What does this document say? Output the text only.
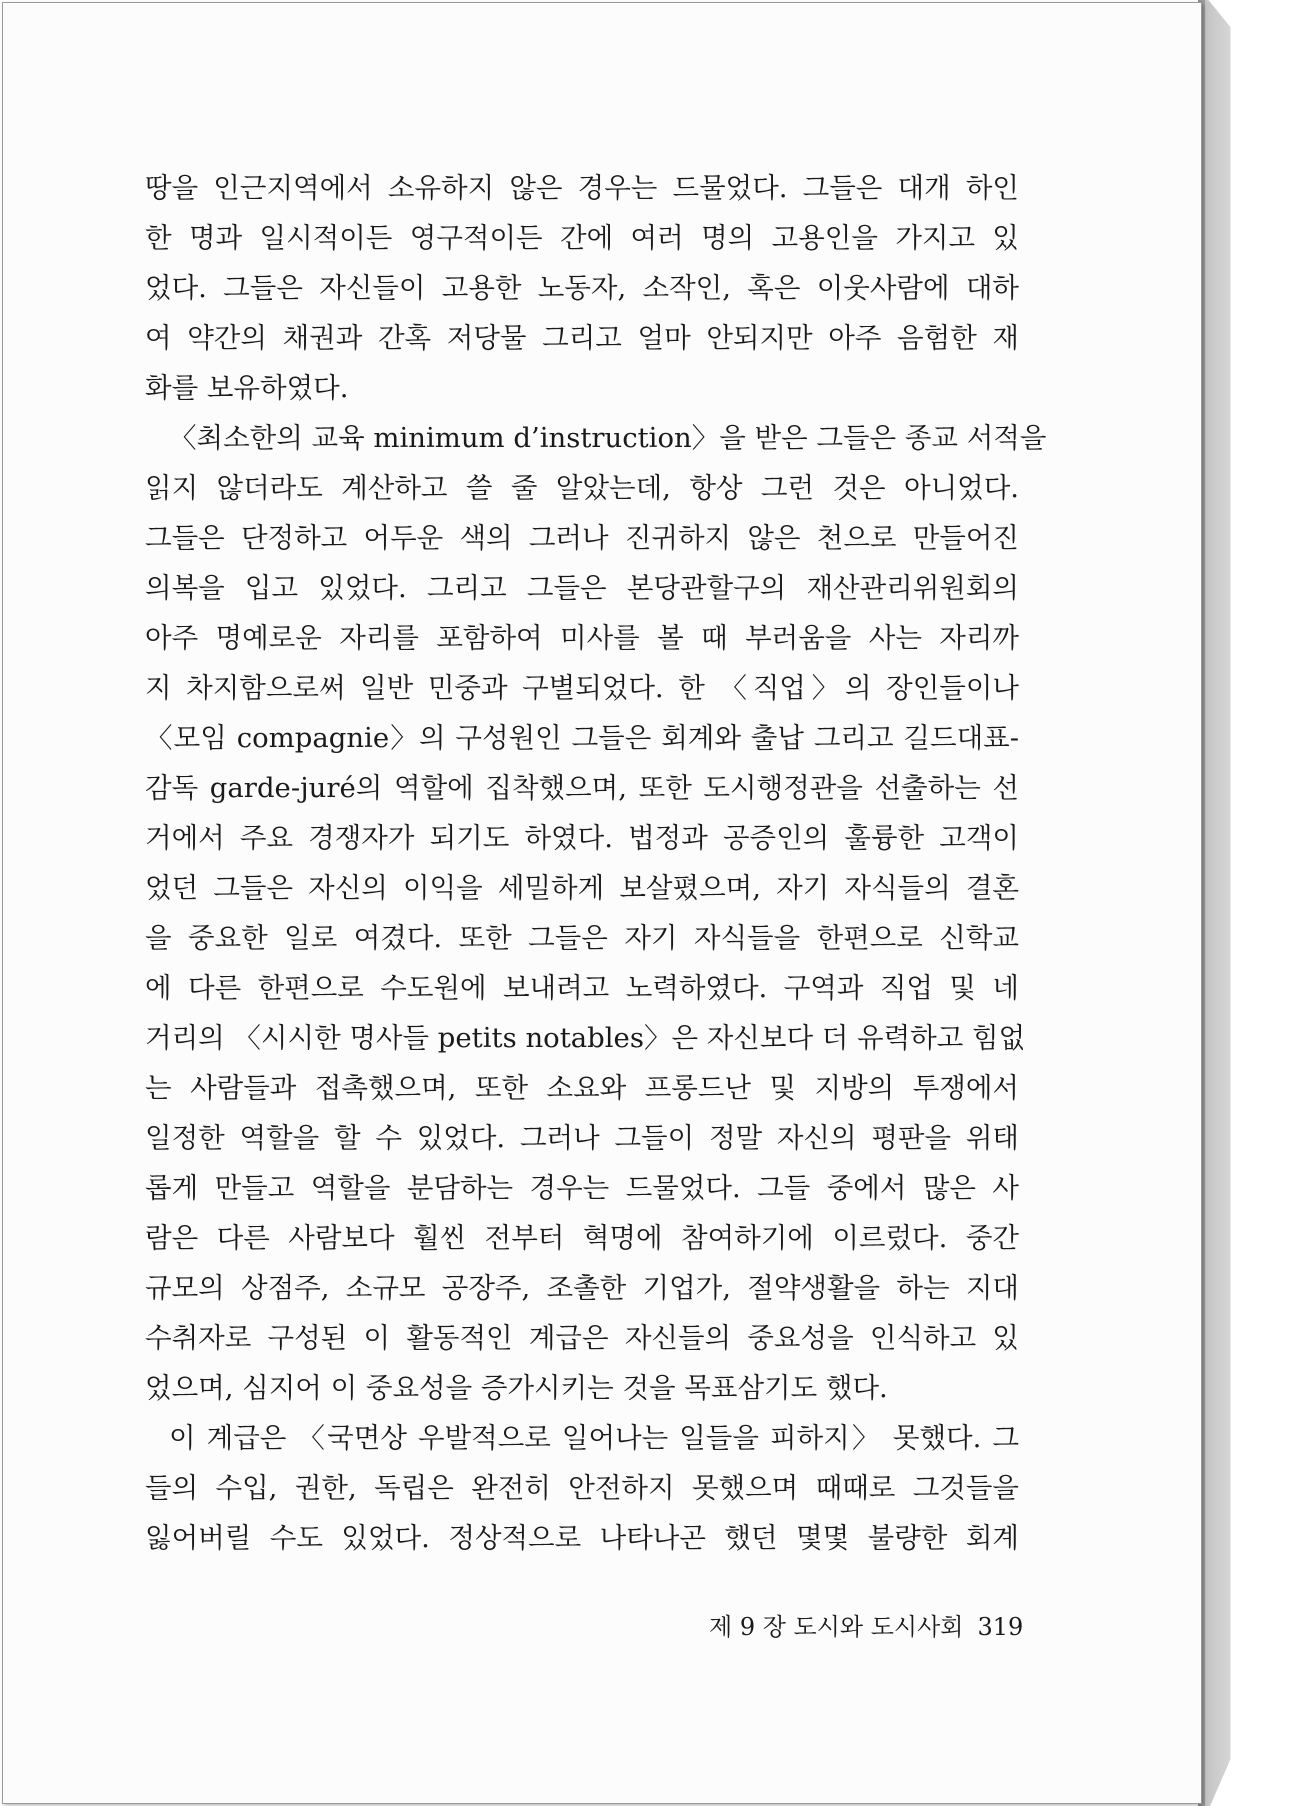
땅을 인근지역에서 소유하지 않은 경우는 드물었다. 그들은 대개 하인
한 명과 일시적이든 영구적이든 간에 여러 명의 고용인을 가지고 있
었다. 그들은 자신들이 고용한 노동자, 소작인, 혹은 이웃사람에 대하
여 약간의 채권과 간혹 저당물 그리고 얼마 안되지만 아주 음험한 재
화를 보유하였다.
〈최소한의 교육 minimum d’instruction〉을 받은 그들은 종교 서적을
읽지 않더라도 계산하고 쓸 줄 알았는데, 항상 그런 것은 아니었다.
그들은 단정하고 어두운 색의 그러나 진귀하지 않은 천으로 만들어진
의복을 입고 있었다. 그리고 그들은 본당관할구의 재산관리위원회의
아주 명예로운 자리를 포함하여 미사를 볼 때 부러움을 사는 자리까
지 차지함으로써 일반 민중과 구별되었다. 한 〈직업〉의 장인들이나
〈모임 compagnie〉의 구성원인 그들은 회계와 출납 그리고 길드대표-
감독 garde-juré의 역할에 집착했으며, 또한 도시행정관을 선출하는 선
거에서 주요 경쟁자가 되기도 하였다. 법정과 공증인의 훌륭한 고객이
었던 그들은 자신의 이익을 세밀하게 보살폈으며, 자기 자식들의 결혼
을 중요한 일로 여겼다. 또한 그들은 자기 자식들을 한편으로 신학교
에 다른 한편으로 수도원에 보내려고 노력하였다. 구역과 직업 및 네
거리의 〈시시한 명사들 petits notables〉은 자신보다 더 유력하고 힘없
는 사람들과 접촉했으며, 또한 소요와 프롱드난 및 지방의 투쟁에서
일정한 역할을 할 수 있었다. 그러나 그들이 정말 자신의 평판을 위태
롭게 만들고 역할을 분담하는 경우는 드물었다. 그들 중에서 많은 사
람은 다른 사람보다 훨씬 전부터 혁명에 참여하기에 이르렀다. 중간
규모의 상점주, 소규모 공장주, 조촐한 기업가, 절약생활을 하는 지대
수취자로 구성된 이 활동적인 계급은 자신들의 중요성을 인식하고 있
었으며, 심지어 이 중요성을 증가시키는 것을 목표삼기도 했다.
이 계급은 〈국면상 우발적으로 일어나는 일들을 피하지〉 못했다. 그
들의 수입, 권한, 독립은 완전히 안전하지 못했으며 때때로 그것들을
잃어버릴 수도 있었다. 정상적으로 나타나곤 했던 몇몇 불량한 회계
제 9 장 도시와 도시사회 319
